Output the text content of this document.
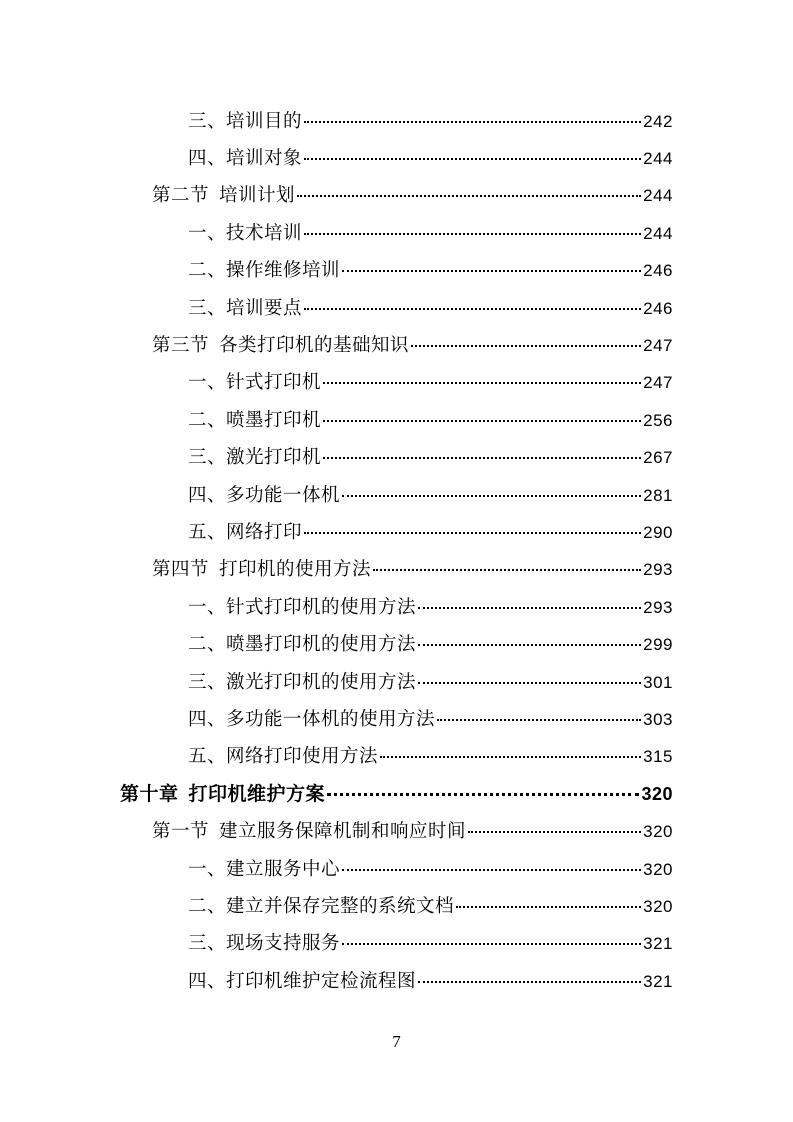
三、 培训目的	242
四、 培训对象	244
第二节 培训计划	244
一、 技术培训	244
二、 操作维修培训	246
三、 培训要点	246
第三节 各类打印机的基础知识	247
一、 针式打印机	247
二、 喷墨打印机	256
三、 激光打印机	267
四、 多功能一体机	281
五、 网络打印	290
第四节 打印机的使用方法	293
一、 针式打印机的使用方法	293
二、 喷墨打印机的使用方法	299
三、 激光打印机的使用方法	301
四、 多功能一体机的使用方法	303
五、 网络打印使用方法	315
第十章 打印机维护方案	320
第一节 建立服务保障机制和响应时间	320
一、 建立服务中心	320
二、 建立并保存完整的系统文档	320
三、 现场支持服务	321
四、 打印机维护定检流程图	321
7
